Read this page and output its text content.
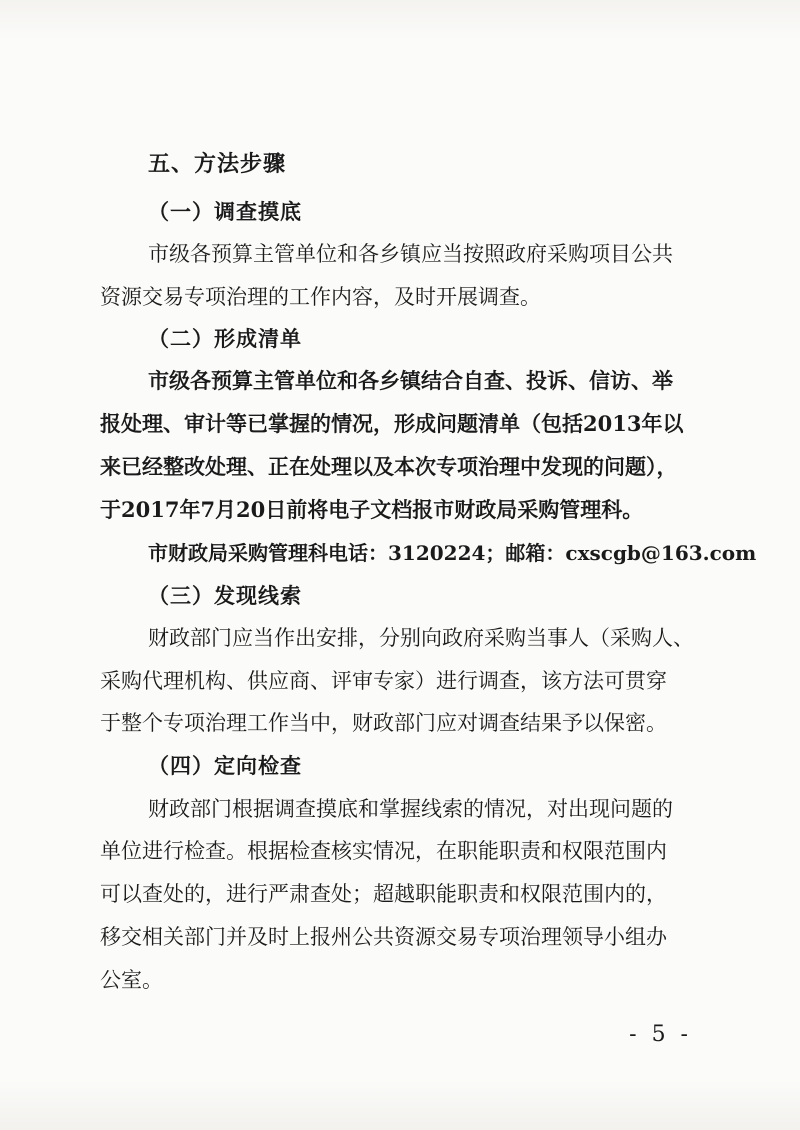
五、方法步骤
（一）调查摸底
市级各预算主管单位和各乡镇应当按照政府采购项目公共
资源交易专项治理的工作内容，及时开展调查。
（二）形成清单
市级各预算主管单位和各乡镇结合自查、投诉、信访、举
报处理、审计等已掌握的情况，形成问题清单（包括2013年以
来已经整改处理、正在处理以及本次专项治理中发现的问题），
于2017年7月20日前将电子文档报市财政局采购管理科。
市财政局采购管理科电话：3120224；邮箱：cxscgb@163.com
（三）发现线索
财政部门应当作出安排，分别向政府采购当事人（采购人、
采购代理机构、供应商、评审专家）进行调查，该方法可贯穿
于整个专项治理工作当中，财政部门应对调查结果予以保密。
（四）定向检查
财政部门根据调查摸底和掌握线索的情况，对出现问题的
单位进行检查。根据检查核实情况，在职能职责和权限范围内
可以查处的，进行严肃查处；超越职能职责和权限范围内的，
移交相关部门并及时上报州公共资源交易专项治理领导小组办
公室。
- 5 -
